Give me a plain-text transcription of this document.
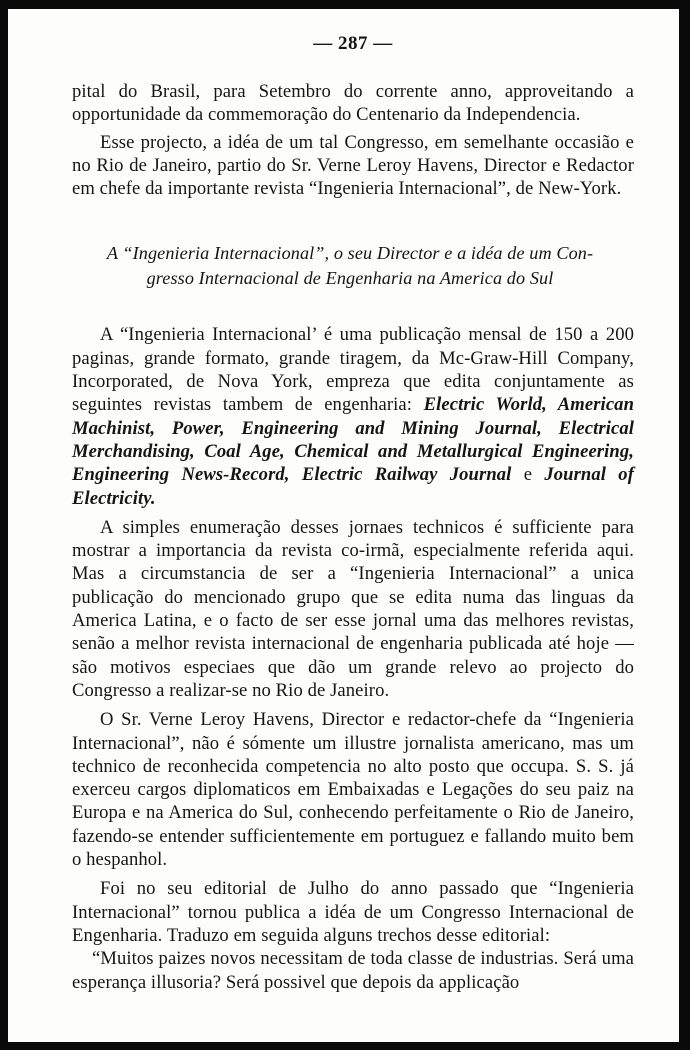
— 287 —

pital do Brasil, para Setembro do corrente anno, approveitando a opportunidade da commemoração do Centenario da Independencia.

Esse projecto, a idéa de um tal Congresso, em semelhante occasião e no Rio de Janeiro, partio do Sr. Verne Leroy Havens, Director e Redactor em chefe da importante revista “Ingenieria Internacional”, de New-York.

A “Ingenieria Internacional”, o seu Director e a idéa de um Con-
gresso Internacional de Engenharia na America do Sul

A “Ingenieria Internacional’ é uma publicação mensal de 150 a 200 paginas, grande formato, grande tiragem, da Mc-Graw-Hill Company, Incorporated, de Nova York, empreza que edita conjuntamente as seguintes revistas tambem de engenharia: Electric World, American Machinist, Power, Engineering and Mining Journal, Electrical Merchandising, Coal Age, Chemical and Metallurgical Engineering, Engineering News-Record, Electric Railway Journal e Journal of Electricity.

A simples enumeração desses jornaes technicos é sufficiente para mostrar a importancia da revista co-irmã, especialmente referida aqui. Mas a circumstancia de ser a “Ingenieria Internacional” a unica publicação do mencionado grupo que se edita numa das linguas da America Latina, e o facto de ser esse jornal uma das melhores revistas, senão a melhor revista internacional de engenharia publicada até hoje — são motivos especiaes que dão um grande relevo ao projecto do Congresso a realizar-se no Rio de Janeiro.

O Sr. Verne Leroy Havens, Director e redactor-chefe da “Ingenieria Internacional”, não é sómente um illustre jornalista americano, mas um technico de reconhecida competencia no alto posto que occupa. S. S. já exerceu cargos diplomaticos em Embaixadas e Legações do seu paiz na Europa e na America do Sul, conhecendo perfeitamente o Rio de Janeiro, fazendo-se entender sufficientemente em portuguez e fallando muito bem o hespanhol.

Foi no seu editorial de Julho do anno passado que “Ingenieria Internacional” tornou publica a idéa de um Congresso Internacional de Engenharia. Traduzo em seguida alguns trechos desse editorial:

“Muitos paizes novos necessitam de toda classe de industrias. Será uma esperança illusoria? Será possivel que depois da applicação
